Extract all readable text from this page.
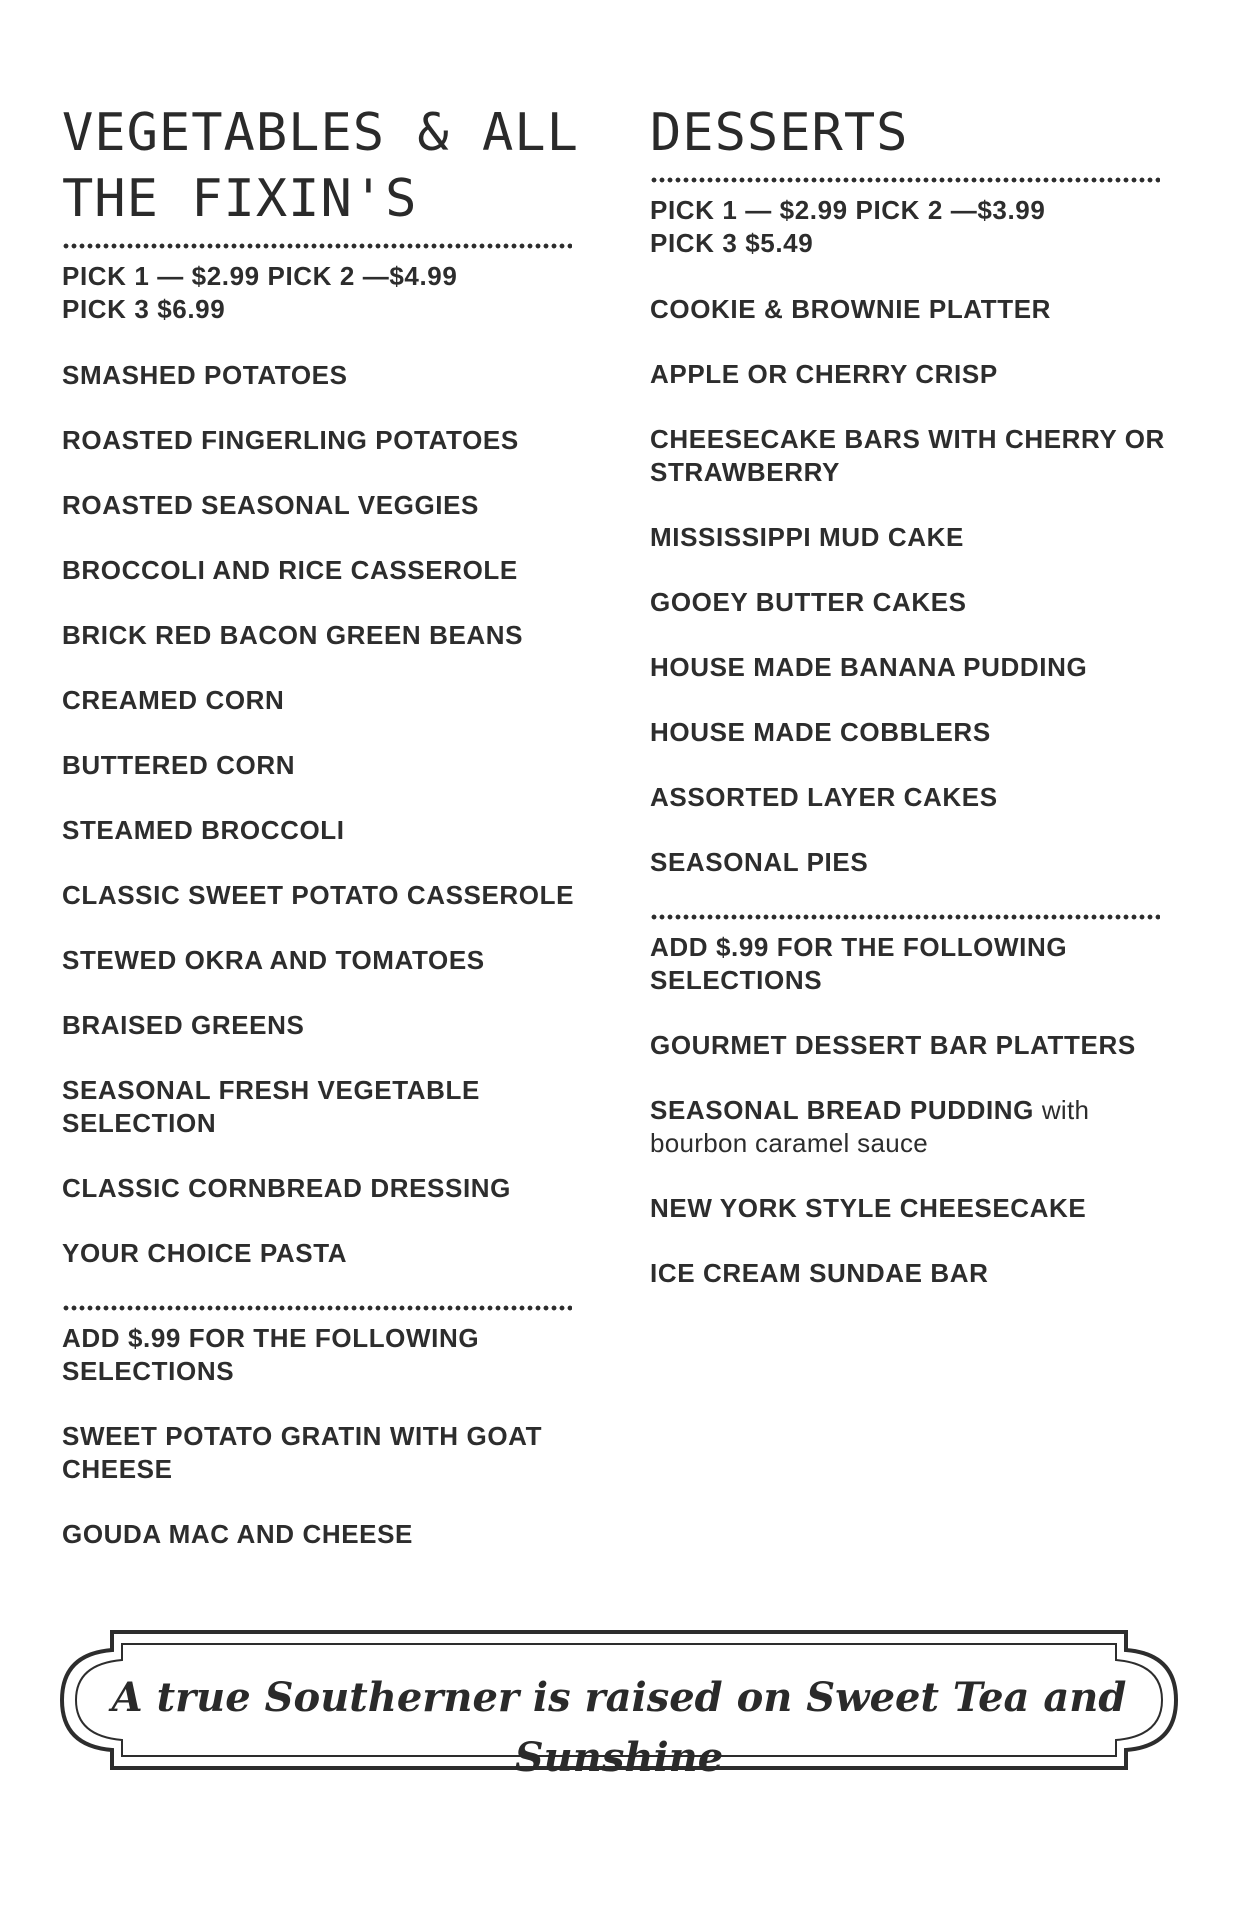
VEGETABLES & ALL
THE FIXIN'S
PICK 1 — $2.99 PICK 2 —$4.99
PICK 3 $6.99
SMASHED POTATOES
ROASTED FINGERLING POTATOES
ROASTED SEASONAL VEGGIES
BROCCOLI AND RICE CASSEROLE
BRICK RED BACON GREEN BEANS
CREAMED CORN
BUTTERED CORN
STEAMED BROCCOLI
CLASSIC SWEET POTATO CASSEROLE
STEWED OKRA AND TOMATOES
BRAISED GREENS
SEASONAL FRESH VEGETABLE SELECTION
CLASSIC CORNBREAD DRESSING
YOUR CHOICE PASTA
ADD $.99 FOR THE FOLLOWING SELECTIONS
SWEET POTATO GRATIN WITH GOAT CHEESE
GOUDA MAC AND CHEESE
DESSERTS
PICK 1 — $2.99 PICK 2 —$3.99
PICK 3 $5.49
COOKIE & BROWNIE PLATTER
APPLE OR CHERRY CRISP
CHEESECAKE BARS WITH CHERRY OR STRAWBERRY
MISSISSIPPI MUD CAKE
GOOEY BUTTER CAKES
HOUSE MADE BANANA PUDDING
HOUSE MADE COBBLERS
ASSORTED LAYER CAKES
SEASONAL PIES
ADD $.99 FOR THE FOLLOWING SELECTIONS
GOURMET DESSERT BAR PLATTERS
SEASONAL BREAD PUDDING with bourbon caramel sauce
NEW YORK STYLE CHEESECAKE
ICE CREAM SUNDAE BAR
A true Southerner is raised on Sweet Tea and Sunshine
